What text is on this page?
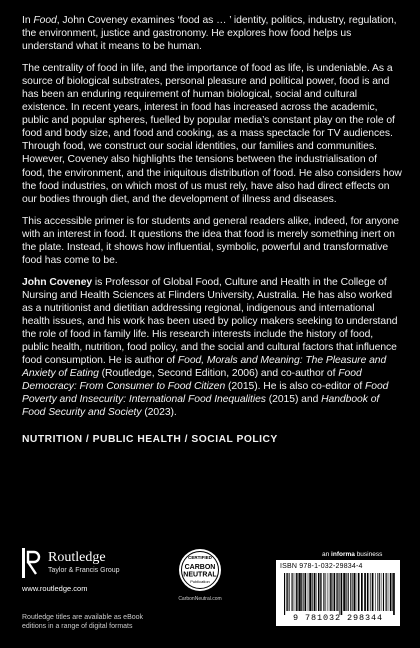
In Food, John Coveney examines ‘food as … ’ identity, politics, industry, regulation, the environment, justice and gastronomy. He explores how food helps us understand what it means to be human.

The centrality of food in life, and the importance of food as life, is undeniable. As a source of biological substrates, personal pleasure and political power, food is and has been an enduring requirement of human biological, social and cultural existence. In recent years, interest in food has increased across the academic, public and popular spheres, fuelled by popular media’s constant play on the role of food and body size, and food and cooking, as a mass spectacle for TV audiences. Through food, we construct our social identities, our families and communities. However, Coveney also highlights the tensions between the industrialisation of food, the environment, and the iniquitous distribution of food. He also considers how the food industries, on which most of us must rely, have also had direct effects on our bodies through diet, and the development of illness and diseases.

This accessible primer is for students and general readers alike, indeed, for anyone with an interest in food. It questions the idea that food is merely something inert on the plate. Instead, it shows how influential, symbolic, powerful and transformative food has come to be.

John Coveney is Professor of Global Food, Culture and Health in the College of Nursing and Health Sciences at Flinders University, Australia. He has also worked as a nutritionist and dietitian addressing regional, indigenous and international health issues, and his work has been used by policy makers seeking to understand the role of food in family life. His research interests include the history of food, public health, nutrition, food policy, and the social and cultural factors that influence food consumption. He is author of Food, Morals and Meaning: The Pleasure and Anxiety of Eating (Routledge, Second Edition, 2006) and co-author of Food Democracy: From Consumer to Food Citizen (2015). He is also co-editor of Food Poverty and Insecurity: International Food Inequalities (2015) and Handbook of Food Security and Society (2023).

NUTRITION / PUBLIC HEALTH / SOCIAL POLICY

Routledge
Taylor & Francis Group
www.routledge.com
Routledge titles are available as eBook editions in a range of digital formats
CERTIFIED
CARBON
NEUTRAL
Publication
CarbonNeutral.com
an informa business
ISBN 978-1-032-29834-4
9 781032 298344
